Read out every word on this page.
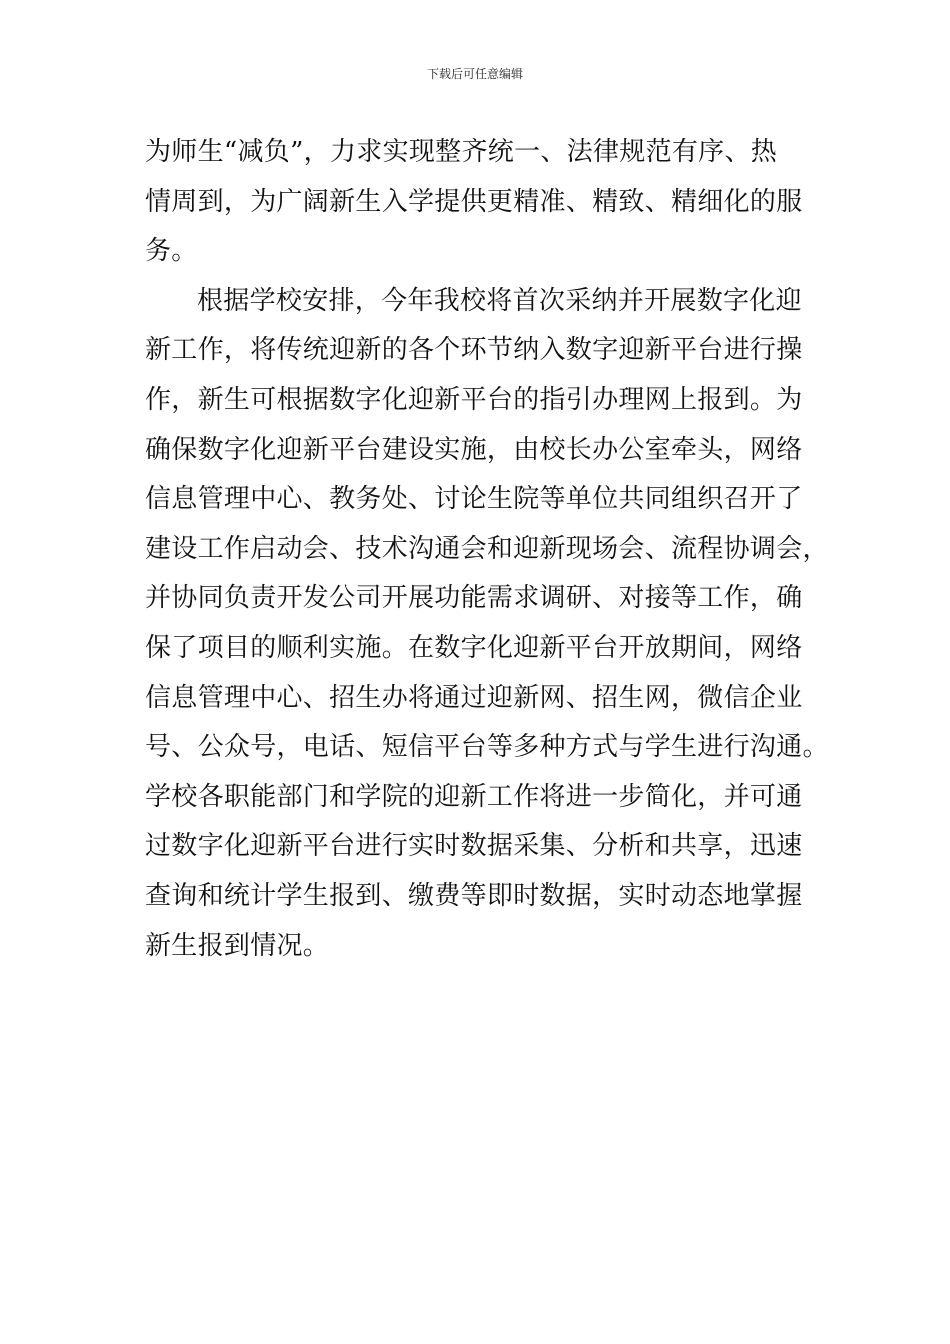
下载后可任意编辑
为师生“减负”，力求实现整齐统一、法律规范有序、热
情周到，为广阔新生入学提供更精准、精致、精细化的服
务。
根据学校安排，今年我校将首次采纳并开展数字化迎
新工作，将传统迎新的各个环节纳入数字迎新平台进行操
作，新生可根据数字化迎新平台的指引办理网上报到。为
确保数字化迎新平台建设实施，由校长办公室牵头，网络
信息管理中心、教务处、讨论生院等单位共同组织召开了
建设工作启动会、技术沟通会和迎新现场会、流程协调会，
并协同负责开发公司开展功能需求调研、对接等工作，确
保了项目的顺利实施。在数字化迎新平台开放期间，网络
信息管理中心、招生办将通过迎新网、招生网，微信企业
号、公众号，电话、短信平台等多种方式与学生进行沟通。
学校各职能部门和学院的迎新工作将进一步简化，并可通
过数字化迎新平台进行实时数据采集、分析和共享，迅速
查询和统计学生报到、缴费等即时数据，实时动态地掌握
新生报到情况。
